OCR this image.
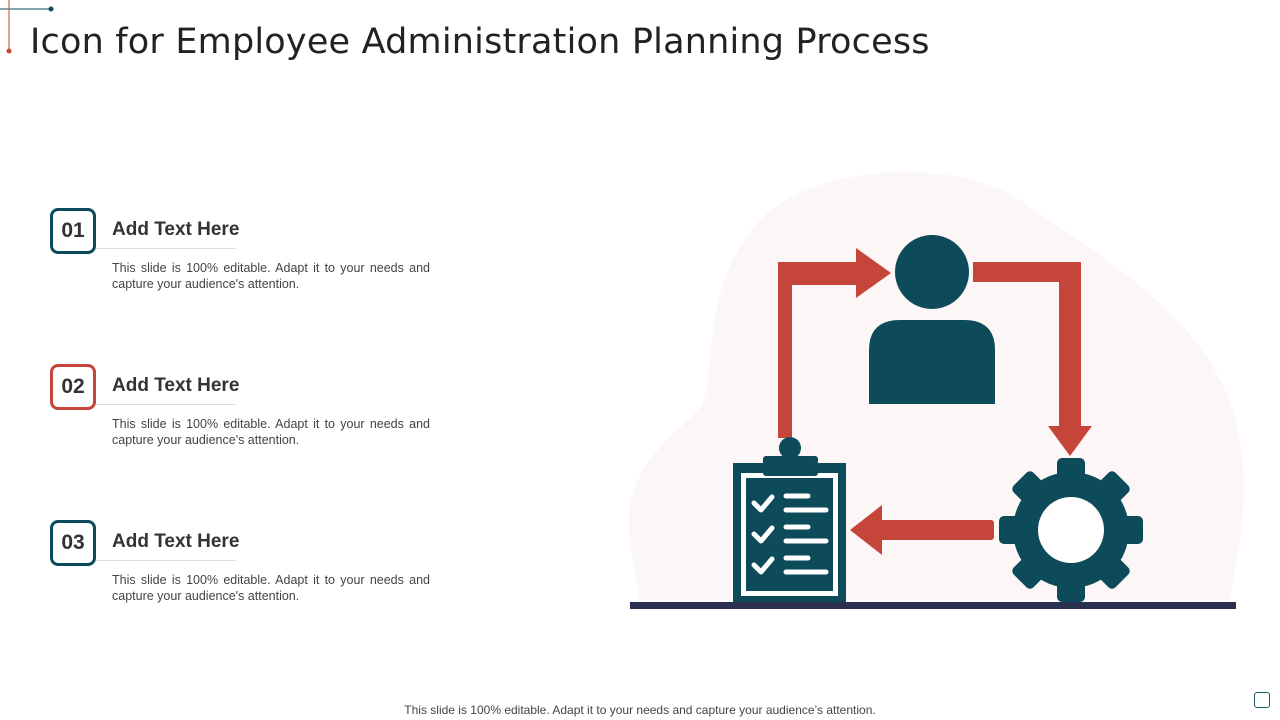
Icon for Employee Administration Planning Process
01	Add Text Here

This slide is 100% editable. Adapt it to your needs and capture your audience's attention.

02	Add Text Here

This slide is 100% editable. Adapt it to your needs and capture your audience's attention.

03	Add Text Here

This slide is 100% editable. Adapt it to your needs and capture your audience's attention.

This slide is 100% editable. Adapt it to your needs and capture your audience’s attention.
